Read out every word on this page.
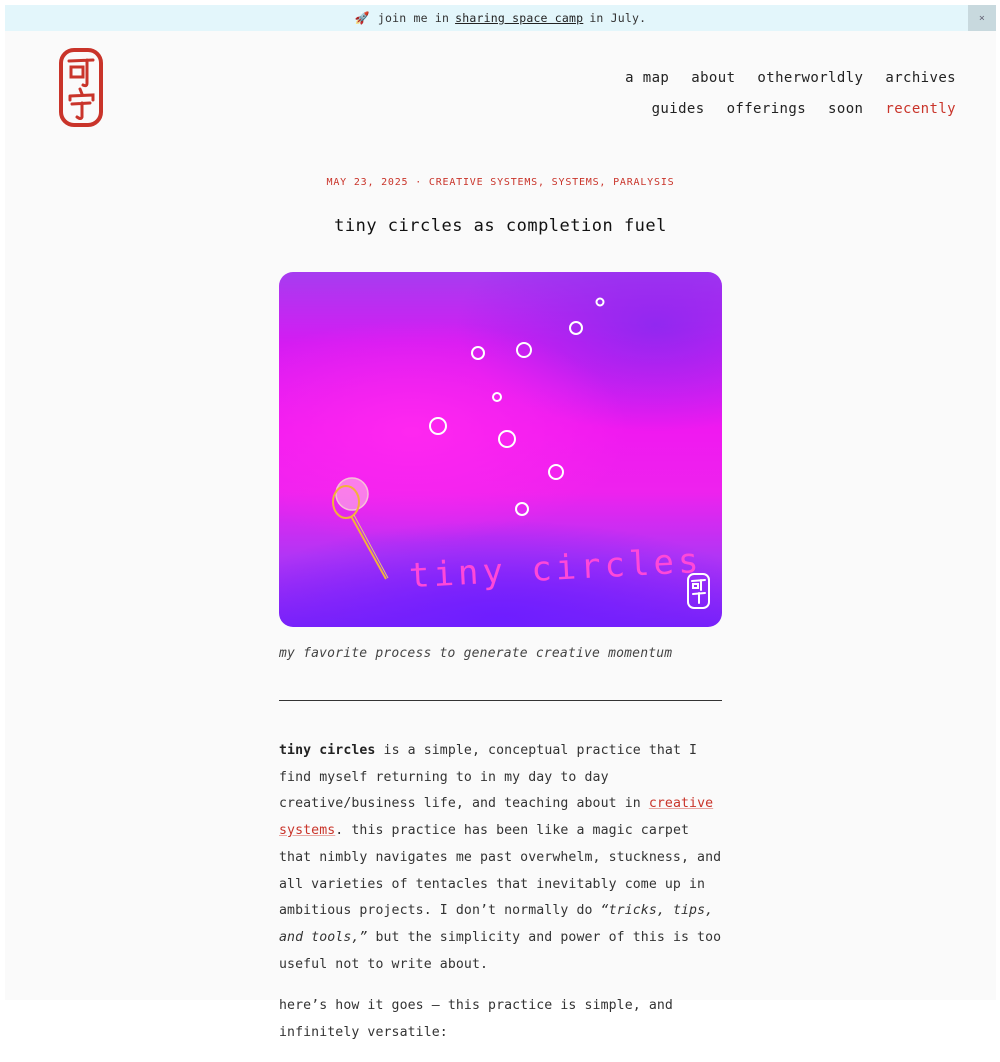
🚀 join me in sharing space camp in July.	×
a map about otherworldly archives
guides offerings soon recently
MAY 23, 2025 · CREATIVE SYSTEMS, SYSTEMS, PARALYSIS
tiny circles as completion fuel
tiny circles
my favorite process to generate creative momentum

tiny circles is a simple, conceptual practice that I find myself returning to in my day to day creative/business life, and teaching about in creative systems. this practice has been like a magic carpet that nimbly navigates me past overwhelm, stuckness, and all varieties of tentacles that inevitably come up in ambitious projects. I don’t normally do “tricks, tips, and tools,” but the simplicity and power of this is too useful not to write about.

here’s how it goes — this practice is simple, and infinitely versatile:
